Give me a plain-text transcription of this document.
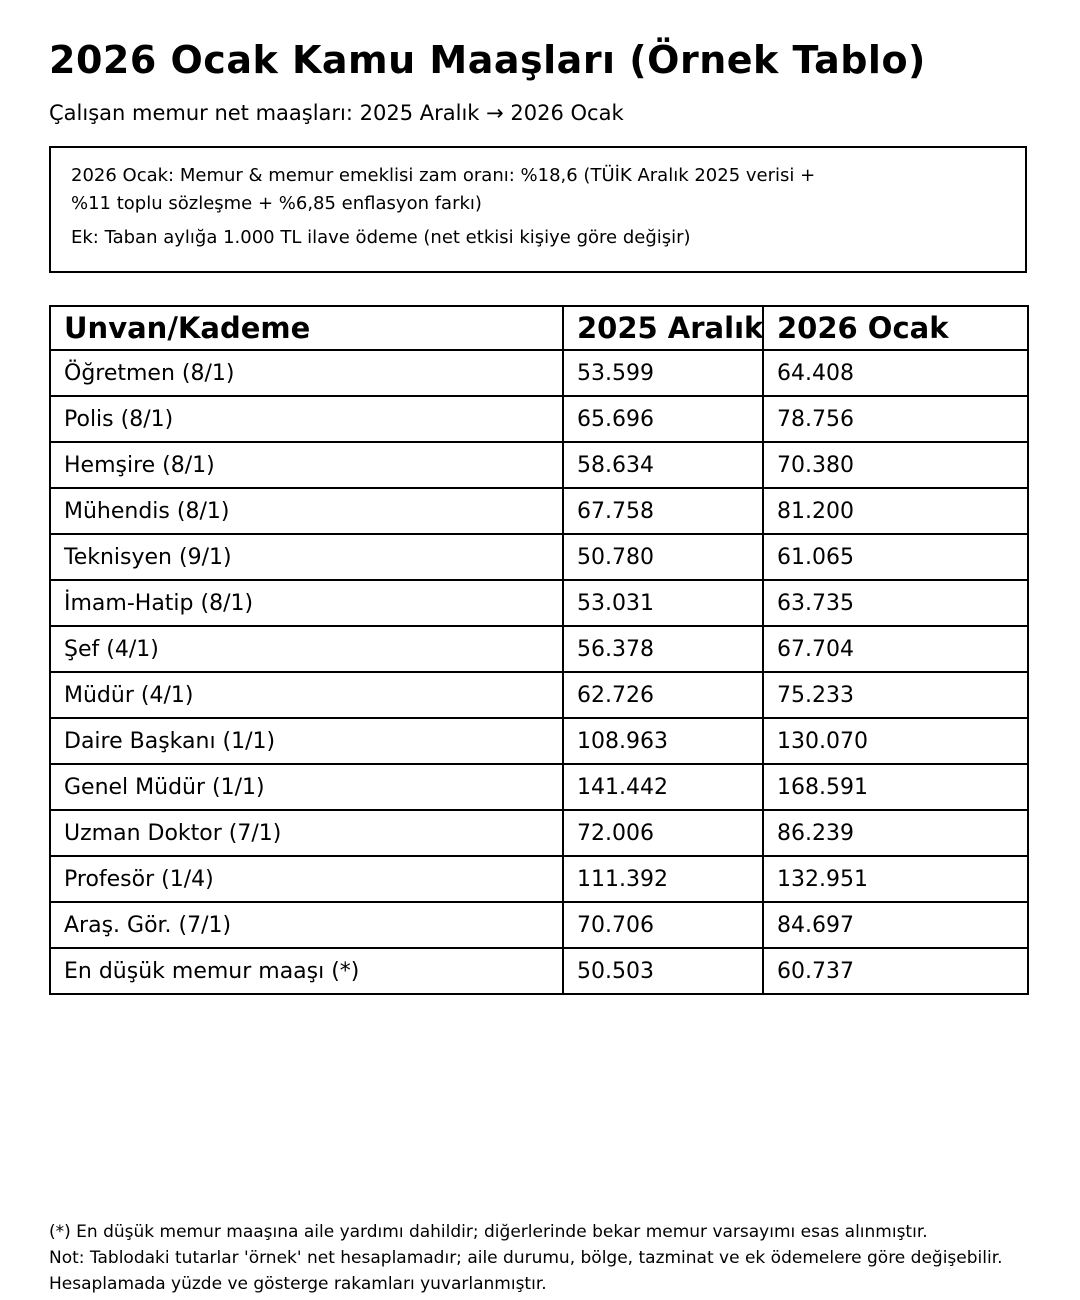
2026 Ocak Kamu Maaşları (Örnek Tablo)
Çalışan memur net maaşları: 2025 Aralık → 2026 Ocak

2026 Ocak: Memur & memur emeklisi zam oranı: %18,6 (TÜİK Aralık 2025 verisi +

%11 toplu sözleşme + %6,85 enflasyon farkı)

Ek: Taban aylığa 1.000 TL ilave ödeme (net etkisi kişiye göre değişir)

Unvan/Kademe	2025 Aralık	2026 Ocak
Öğretmen (8/1)	53.599	64.408
Polis (8/1)	65.696	78.756
Hemşire (8/1)	58.634	70.380
Mühendis (8/1)	67.758	81.200
Teknisyen (9/1)	50.780	61.065
İmam-Hatip (8/1)	53.031	63.735
Şef (4/1)	56.378	67.704
Müdür (4/1)	62.726	75.233
Daire Başkanı (1/1)	108.963	130.070
Genel Müdür (1/1)	141.442	168.591
Uzman Doktor (7/1)	72.006	86.239
Profesör (1/4)	111.392	132.951
Araş. Gör. (7/1)	70.706	84.697
En düşük memur maaşı (*)	50.503	60.737
(*) En düşük memur maaşına aile yardımı dahildir; diğerlerinde bekar memur varsayımı esas alınmıştır.
Not: Tablodaki tutarlar 'örnek' net hesaplamadır; aile durumu, bölge, tazminat ve ek ödemelere göre değişebilir.
Hesaplamada yüzde ve gösterge rakamları yuvarlanmıştır.
